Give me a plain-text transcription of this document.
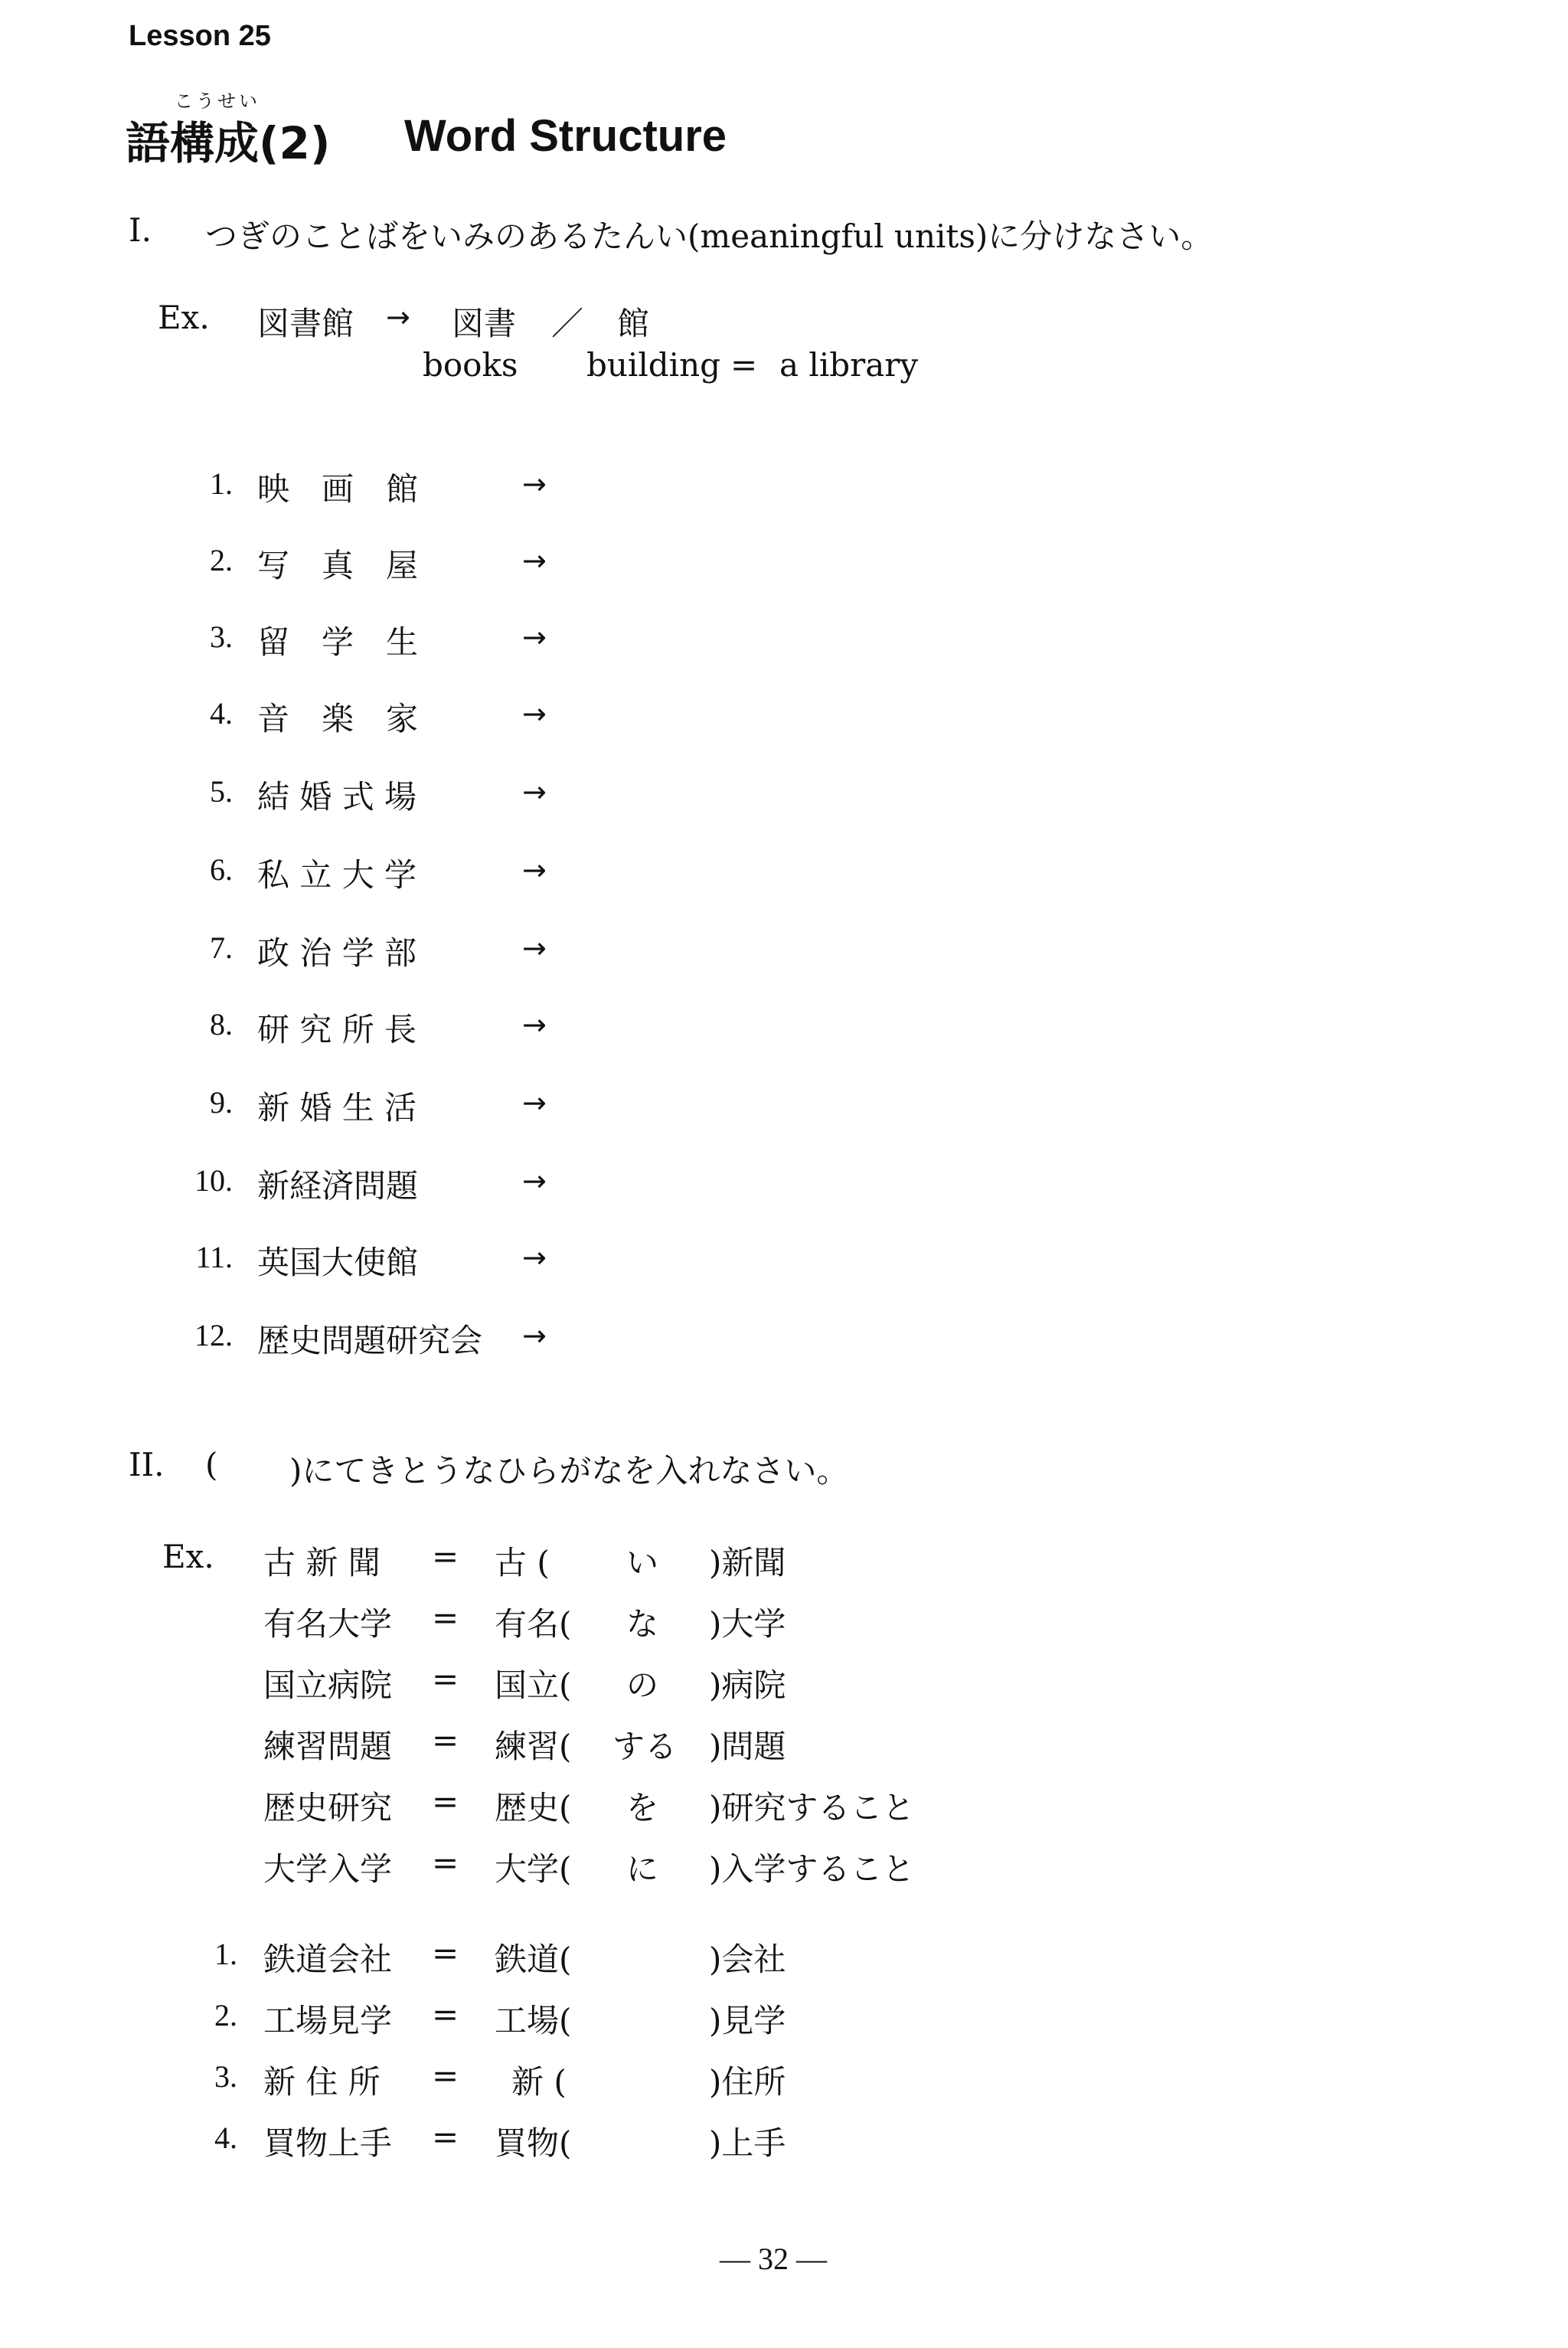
Lesson 25
こうせい
語構成(2) Word Structure
I. つぎのことばをいみのあるたんい(meaningful units)に分けなさい。
Ex. 図書館 → 図書 ／ 館
books building = a library
1. 映　画　館	→
2. 写　真　屋	→
3. 留　学　生	→
4. 音　楽　家	→
5. 結 婚 式 場	→
6. 私 立 大 学	→
7. 政 治 学 部	→
8. 研 究 所 長	→
9. 新 婚 生 活	→
10. 新経済問題	→
11. 英国大使館	→
12. 歴史問題研究会 →
II. ( )にてきとうなひらがなを入れなさい。
Ex. 古 新 聞 = 古 ( い )新聞
有名大学 = 有名( な )大学
国立病院 = 国立( の )病院
練習問題 = 練習( する )問題
歴史研究 = 歴史( を )研究すること
大学入学 = 大学( に )入学すること
1. 鉄道会社 = 鉄道(	)会社
2. 工場見学 = 工場(	)見学
3. 新 住 所 = 新 (	)住所
4. 買物上手 = 買物(	)上手
— 32 —
